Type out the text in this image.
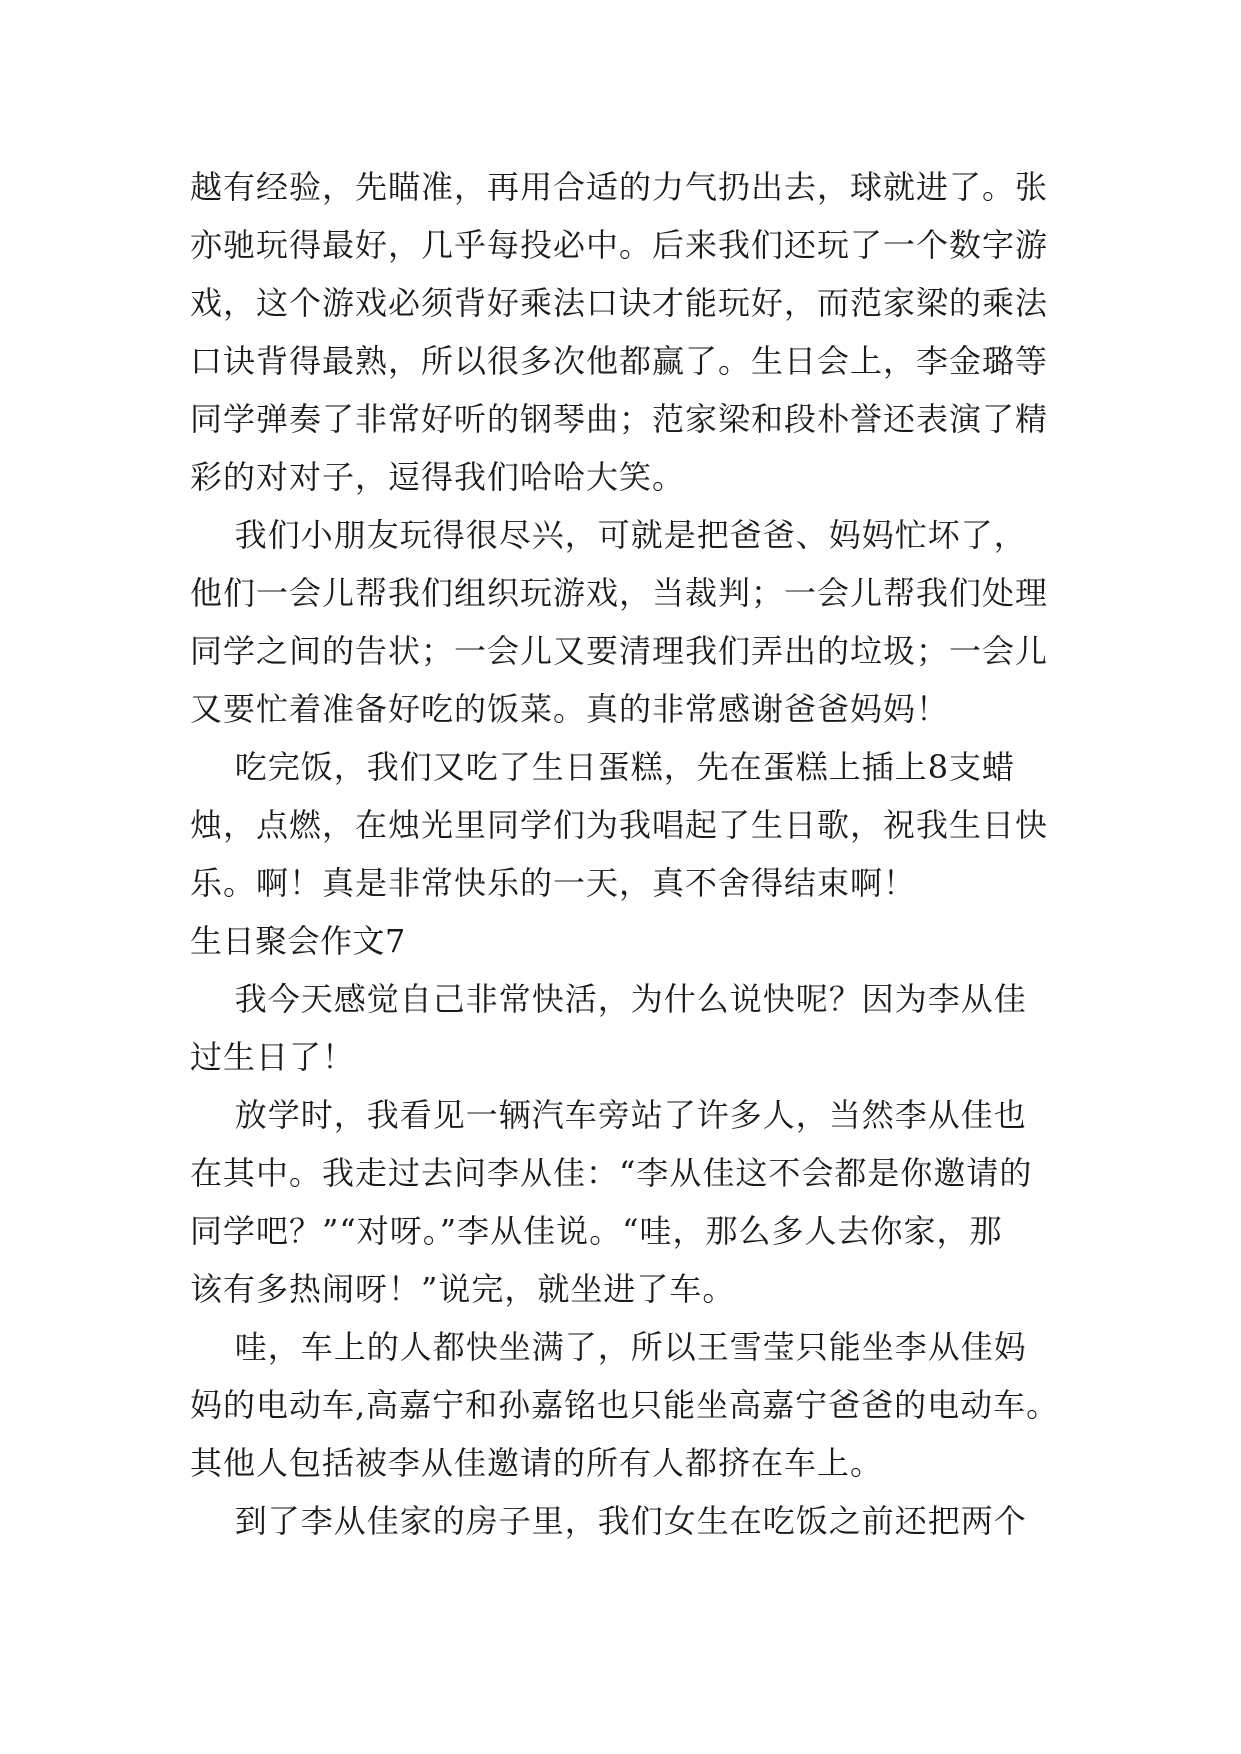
越有经验，先瞄准，再用合适的力气扔出去，球就进了。张
亦驰玩得最好，几乎每投必中。后来我们还玩了一个数字游
戏，这个游戏必须背好乘法口诀才能玩好，而范家梁的乘法
口诀背得最熟，所以很多次他都赢了。生日会上，李金璐等
同学弹奏了非常好听的钢琴曲；范家梁和段朴誉还表演了精
彩的对对子，逗得我们哈哈大笑。
我们小朋友玩得很尽兴，可就是把爸爸、妈妈忙坏了，
他们一会儿帮我们组织玩游戏，当裁判；一会儿帮我们处理
同学之间的告状；一会儿又要清理我们弄出的垃圾；一会儿
又要忙着准备好吃的饭菜。真的非常感谢爸爸妈妈！
吃完饭，我们又吃了生日蛋糕，先在蛋糕上插上8支蜡
烛，点燃，在烛光里同学们为我唱起了生日歌，祝我生日快
乐。啊！真是非常快乐的一天，真不舍得结束啊！
生日聚会作文7
我今天感觉自己非常快活，为什么说快呢？因为李从佳
过生日了！
放学时，我看见一辆汽车旁站了许多人，当然李从佳也
在其中。我走过去问李从佳：“李从佳这不会都是你邀请的
同学吧？”“对呀。”李从佳说。“哇，那么多人去你家，那
该有多热闹呀！”说完，就坐进了车。
哇，车上的人都快坐满了，所以王雪莹只能坐李从佳妈
妈的电动车,高嘉宁和孙嘉铭也只能坐高嘉宁爸爸的电动车。
其他人包括被李从佳邀请的所有人都挤在车上。
到了李从佳家的房子里，我们女生在吃饭之前还把两个
